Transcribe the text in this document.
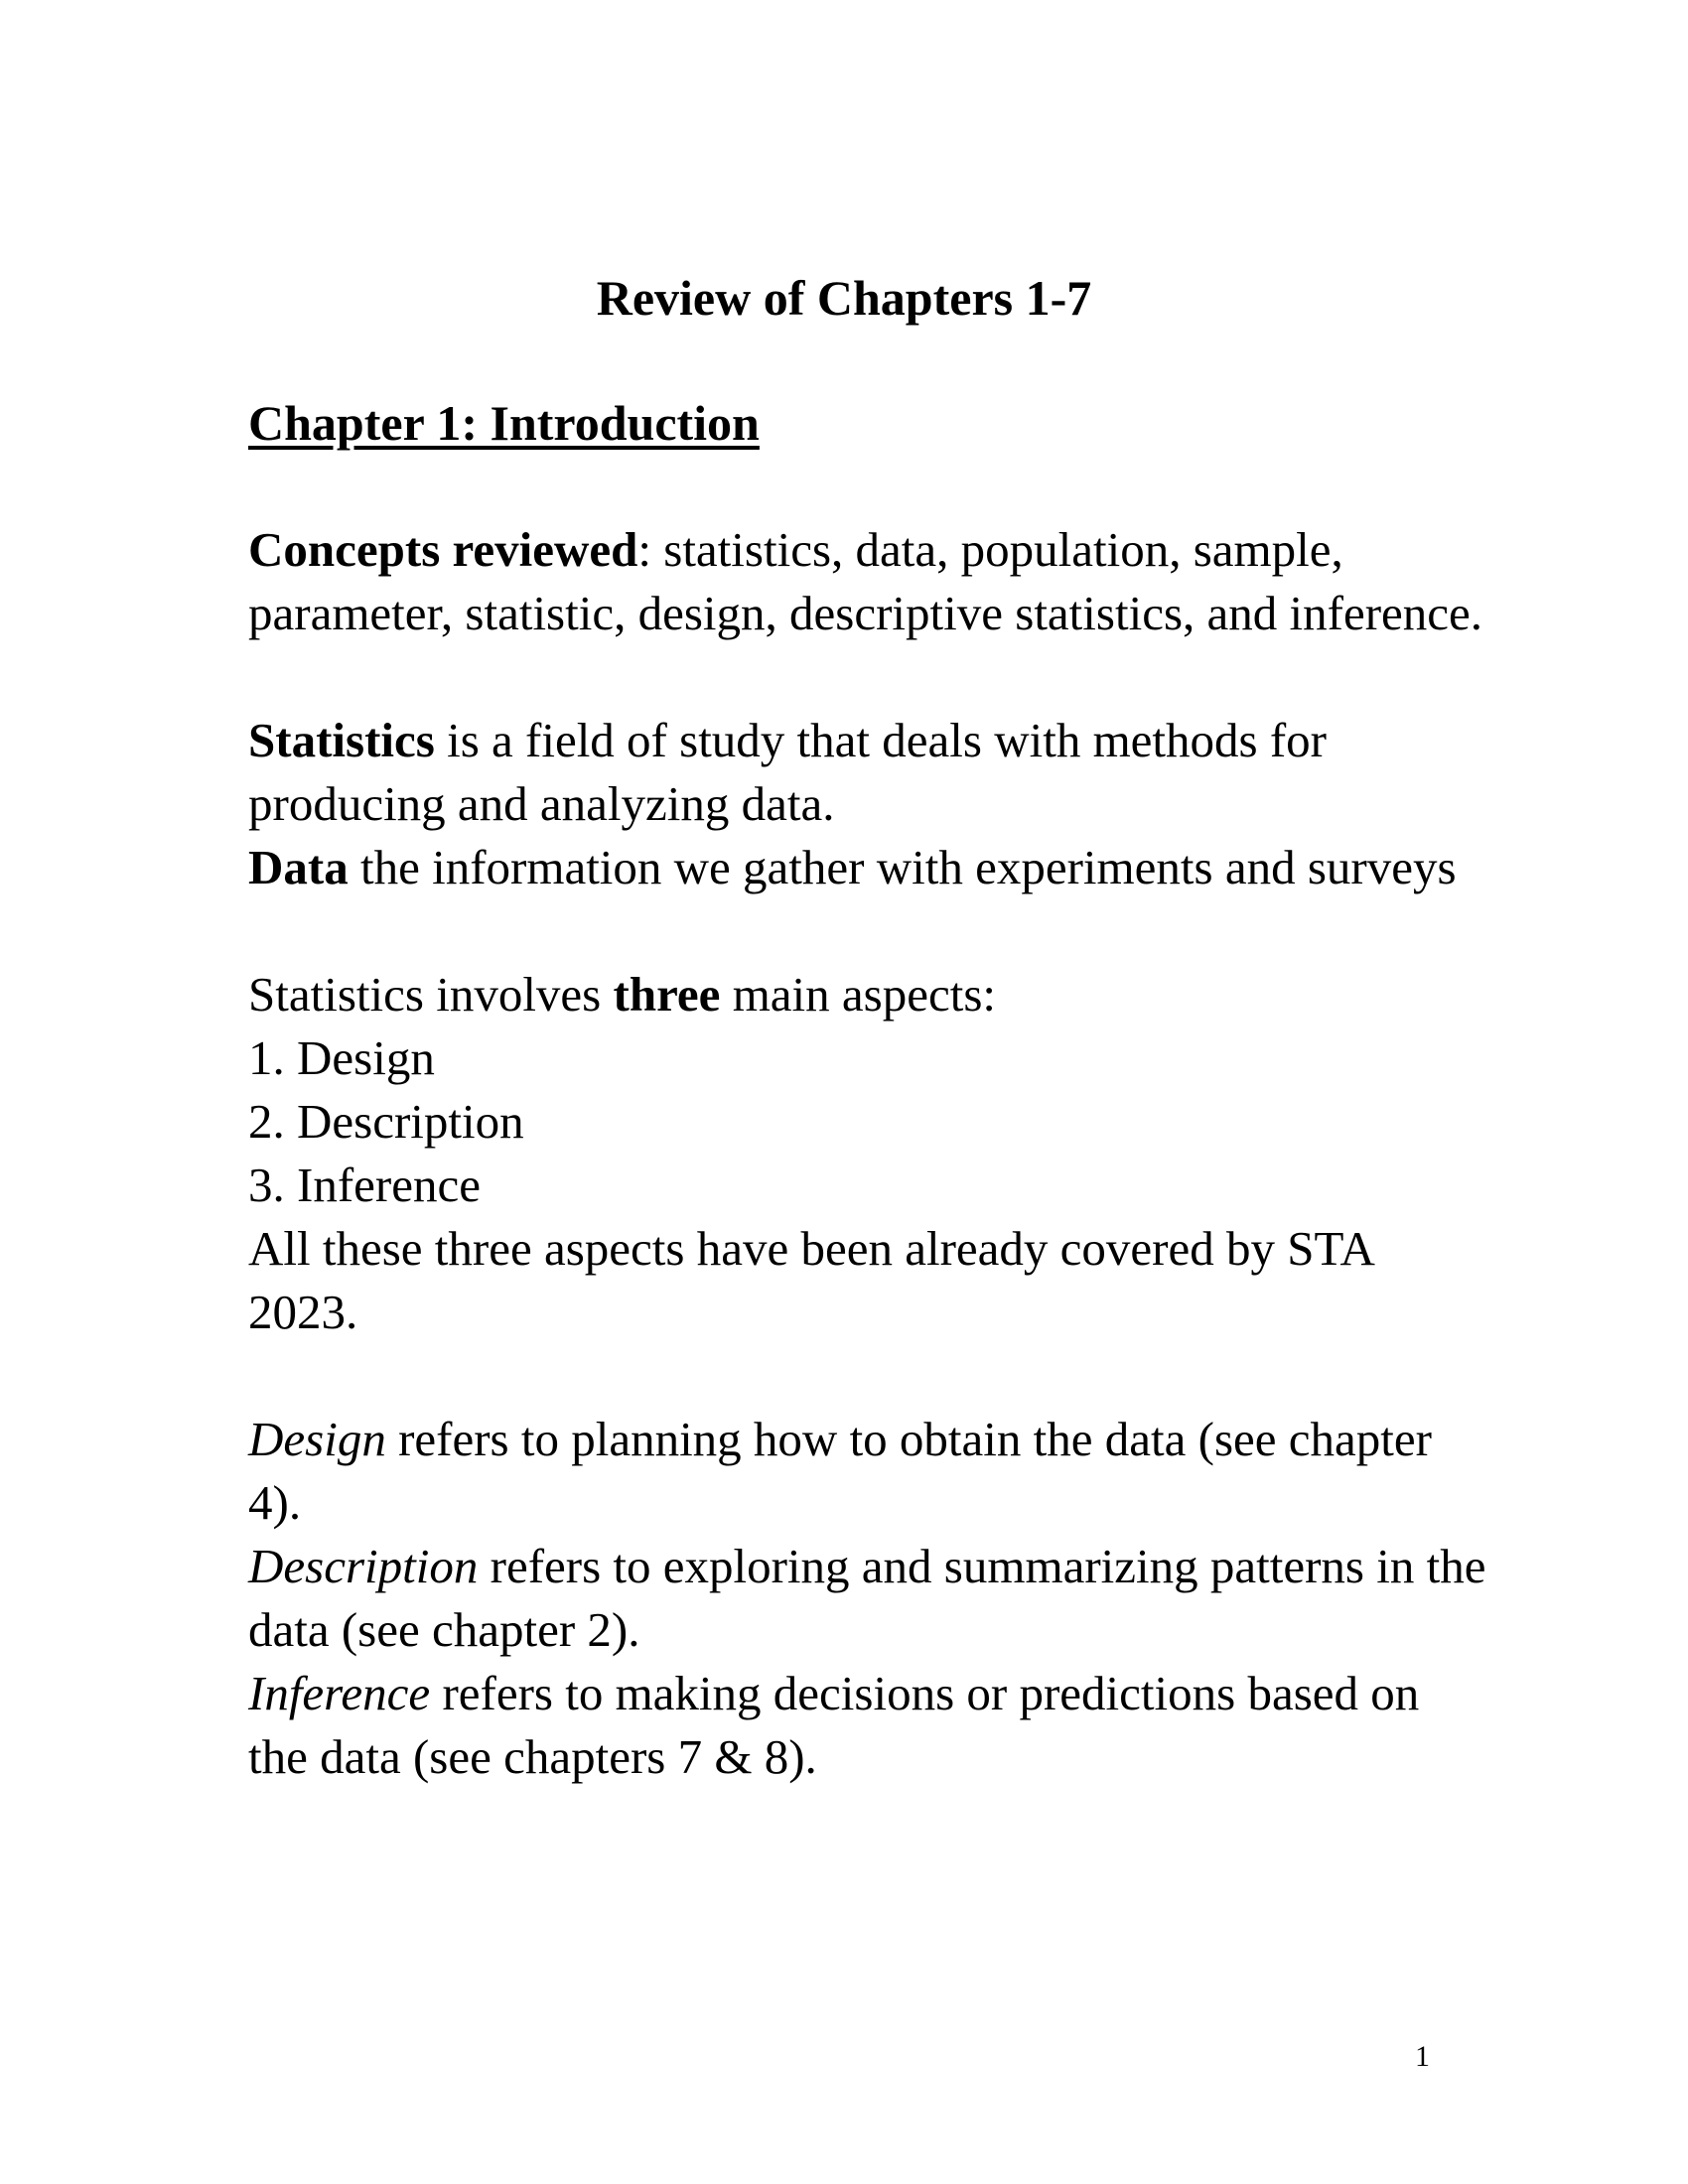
Review of Chapters 1-7
Chapter 1: Introduction

Concepts reviewed: statistics, data, population, sample, parameter, statistic, design, descriptive statistics, and inference.

Statistics is a field of study that deals with methods for producing and analyzing data.

Data the information we gather with experiments and surveys

Statistics involves three main aspects:

1. Design

2. Description

3. Inference

All these three aspects have been already covered by STA 2023.

Design refers to planning how to obtain the data (see chapter 4).

Description refers to exploring and summarizing patterns in the data (see chapter 2).

Inference refers to making decisions or predictions based on the data (see chapters 7 & 8).

1
